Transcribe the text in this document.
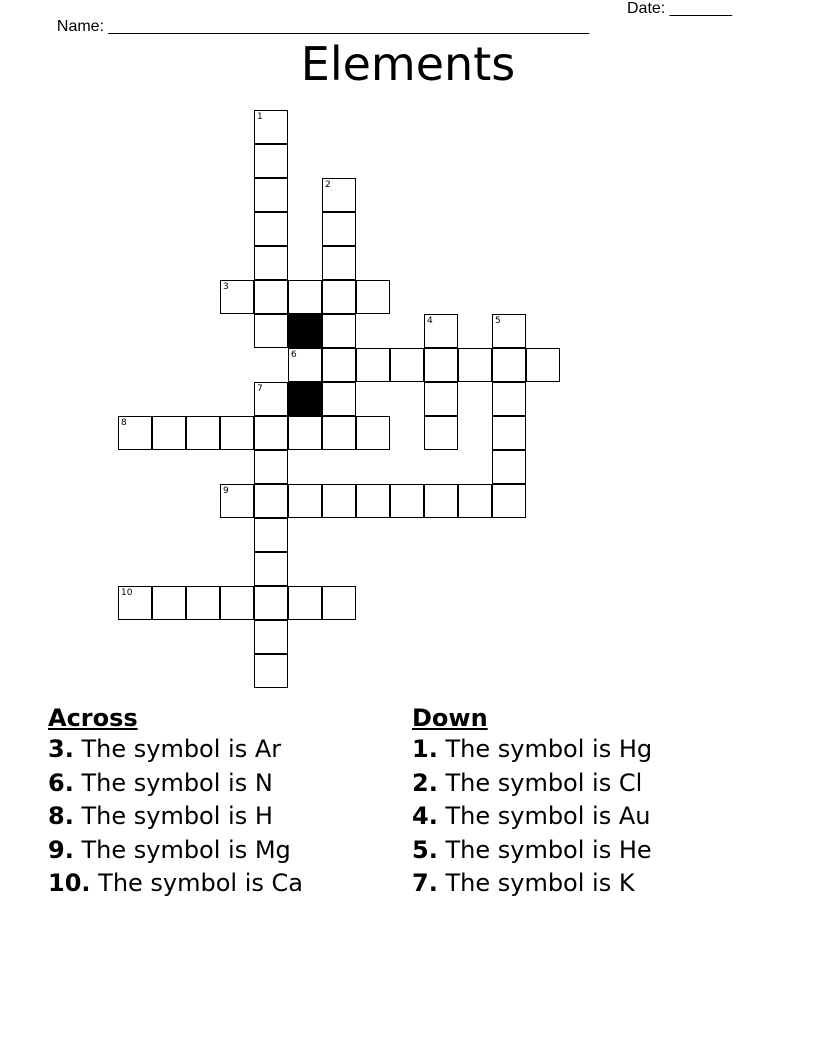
Name: ______________________________________________________

Date: _______

Elements
1
2
3
4	5
6
7
8
9
10

Across

3. The symbol is Ar

6. The symbol is N

8. The symbol is H

9. The symbol is Mg

10. The symbol is Ca

Down

1. The symbol is Hg

2. The symbol is Cl

4. The symbol is Au

5. The symbol is He

7. The symbol is K
